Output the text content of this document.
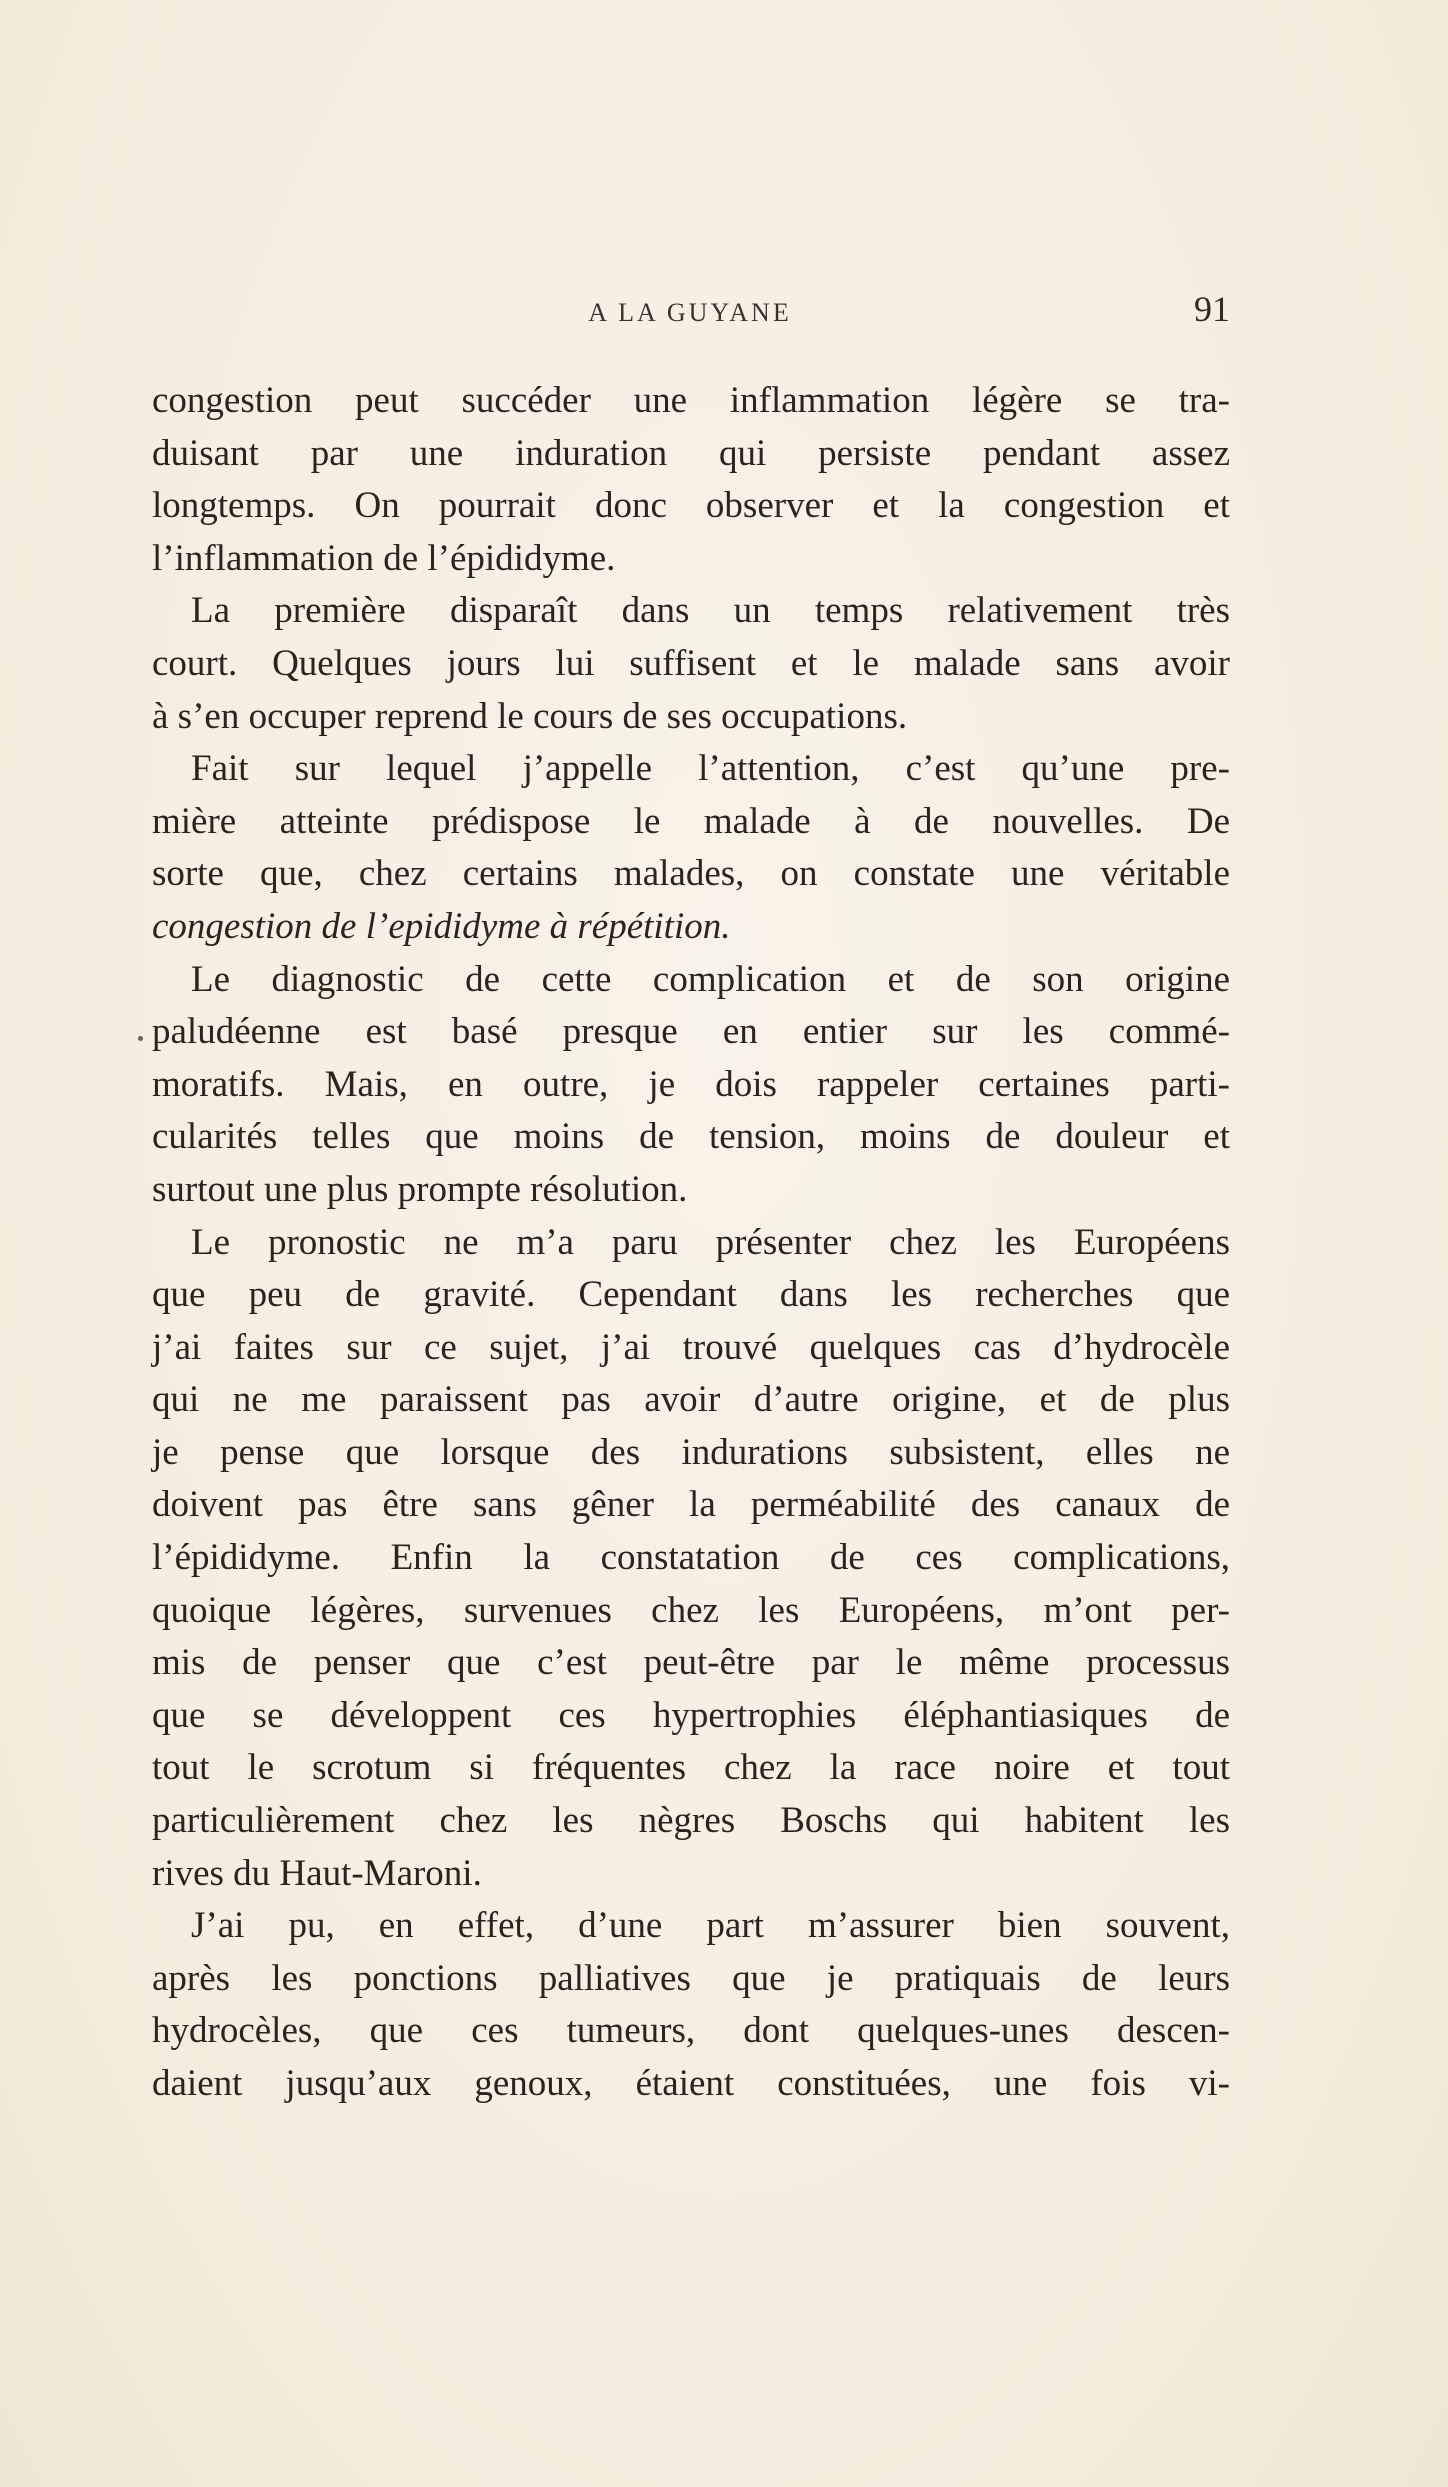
A LA GUYANE	91
congestion peut succéder une inflammation légère se tra-
duisant par une induration qui persiste pendant assez
longtemps. On pourrait donc observer et la congestion et
l’inflammation de l’épididyme.
La première disparaît dans un temps relativement très
court. Quelques jours lui suffisent et le malade sans avoir
à s’en occuper reprend le cours de ses occupations.
Fait sur lequel j’appelle l’attention, c’est qu’une pre-
mière atteinte prédispose le malade à de nouvelles. De
sorte que, chez certains malades, on constate une véritable
congestion de l’epididyme à répétition.
Le diagnostic de cette complication et de son origine
paludéenne est basé presque en entier sur les commé-
moratifs. Mais, en outre, je dois rappeler certaines parti-
cularités telles que moins de tension, moins de douleur et
surtout une plus prompte résolution.
Le pronostic ne m’a paru présenter chez les Européens
que peu de gravité. Cependant dans les recherches que
j’ai faites sur ce sujet, j’ai trouvé quelques cas d’hydrocèle
qui ne me paraissent pas avoir d’autre origine, et de plus
je pense que lorsque des indurations subsistent, elles ne
doivent pas être sans gêner la perméabilité des canaux de
l’épididyme. Enfin la constatation de ces complications,
quoique légères, survenues chez les Européens, m’ont per-
mis de penser que c’est peut-être par le même processus
que se développent ces hypertrophies éléphantiasiques de
tout le scrotum si fréquentes chez la race noire et tout
particulièrement chez les nègres Boschs qui habitent les
rives du Haut-Maroni.
J’ai pu, en effet, d’une part m’assurer bien souvent,
après les ponctions palliatives que je pratiquais de leurs
hydrocèles, que ces tumeurs, dont quelques-unes descen-
daient jusqu’aux genoux, étaient constituées, une fois vi-
